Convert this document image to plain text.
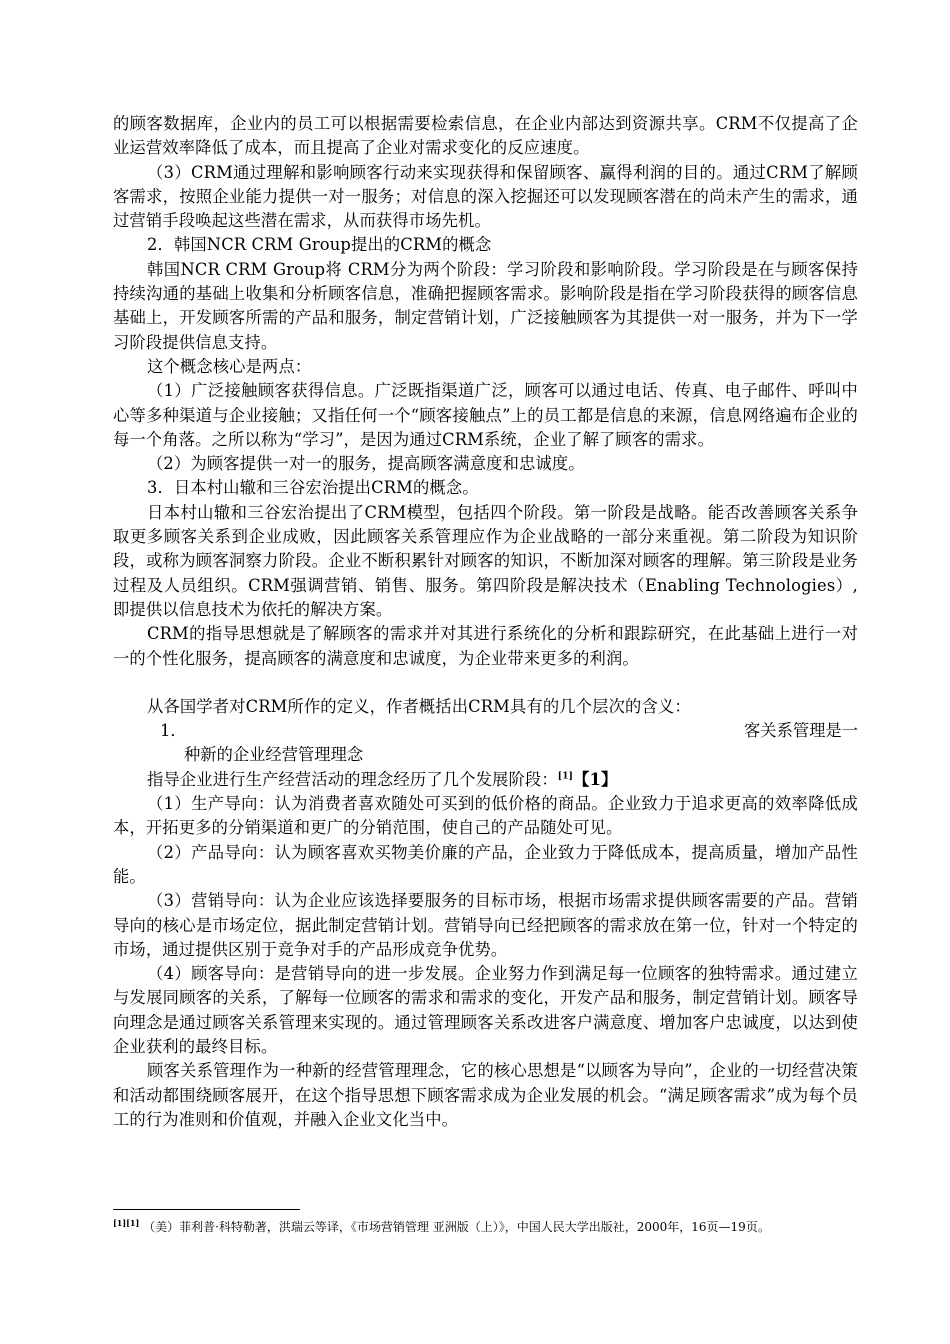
的顾客数据库，企业内的员工可以根据需要检索信息，在企业内部达到资源共享。CRM不仅提高了企业运营效率降低了成本，而且提高了企业对需求变化的反应速度。

（3）CRM通过理解和影响顾客行动来实现获得和保留顾客、赢得利润的目的。通过CRM了解顾客需求，按照企业能力提供一对一服务；对信息的深入挖掘还可以发现顾客潜在的尚未产生的需求，通过营销手段唤起这些潜在需求，从而获得市场先机。

2．韩国NCR CRM Group提出的CRM的概念

韩国NCR CRM Group将 CRM分为两个阶段：学习阶段和影响阶段。学习阶段是在与顾客保持持续沟通的基础上收集和分析顾客信息，准确把握顾客需求。影响阶段是指在学习阶段获得的顾客信息基础上，开发顾客所需的产品和服务，制定营销计划，广泛接触顾客为其提供一对一服务，并为下一学习阶段提供信息支持。

这个概念核心是两点：

（1）广泛接触顾客获得信息。广泛既指渠道广泛，顾客可以通过电话、传真、电子邮件、呼叫中心等多种渠道与企业接触；又指任何一个“顾客接触点”上的员工都是信息的来源，信息网络遍布企业的每一个角落。之所以称为“学习”，是因为通过CRM系统，企业了解了顾客的需求。

（2）为顾客提供一对一的服务，提高顾客满意度和忠诚度。

3．日本村山辙和三谷宏治提出CRM的概念。

日本村山辙和三谷宏治提出了CRM模型，包括四个阶段。第一阶段是战略。能否改善顾客关系争取更多顾客关系到企业成败，因此顾客关系管理应作为企业战略的一部分来重视。第二阶段为知识阶段，或称为顾客洞察力阶段。企业不断积累针对顾客的知识，不断加深对顾客的理解。第三阶段是业务过程及人员组织。CRM强调营销、销售、服务。第四阶段是解决技术（Enabling Technologies）,即提供以信息技术为依托的解决方案。

CRM的指导思想就是了解顾客的需求并对其进行系统化的分析和跟踪研究，在此基础上进行一对一的个性化服务，提高顾客的满意度和忠诚度，为企业带来更多的利润。

从各国学者对CRM所作的定义，作者概括出CRM具有的几个层次的含义：

1．	客关系管理是一
种新的企业经营管理理念

指导企业进行生产经营活动的理念经历了几个发展阶段：[1]【1】

（1）生产导向：认为消费者喜欢随处可买到的低价格的商品。企业致力于追求更高的效率降低成本，开拓更多的分销渠道和更广的分销范围，使自己的产品随处可见。

（2）产品导向：认为顾客喜欢买物美价廉的产品，企业致力于降低成本，提高质量，增加产品性能。

（3）营销导向：认为企业应该选择要服务的目标市场，根据市场需求提供顾客需要的产品。营销导向的核心是市场定位，据此制定营销计划。营销导向已经把顾客的需求放在第一位，针对一个特定的市场，通过提供区别于竞争对手的产品形成竞争优势。

（4）顾客导向：是营销导向的进一步发展。企业努力作到满足每一位顾客的独特需求。通过建立与发展同顾客的关系，了解每一位顾客的需求和需求的变化，开发产品和服务，制定营销计划。顾客导向理念是通过顾客关系管理来实现的。通过管理顾客关系改进客户满意度、增加客户忠诚度，以达到使企业获利的最终目标。

顾客关系管理作为一种新的经营管理理念，它的核心思想是“以顾客为导向”，企业的一切经营决策和活动都围绕顾客展开，在这个指导思想下顾客需求成为企业发展的机会。“满足顾客需求”成为每个员工的行为准则和价值观，并融入企业文化当中。

[1][1] （美）菲利普·科特勒著，洪瑞云等译，《市场营销管理 亚洲版（上）》，中国人民大学出版社，2000年，16页—19页。
